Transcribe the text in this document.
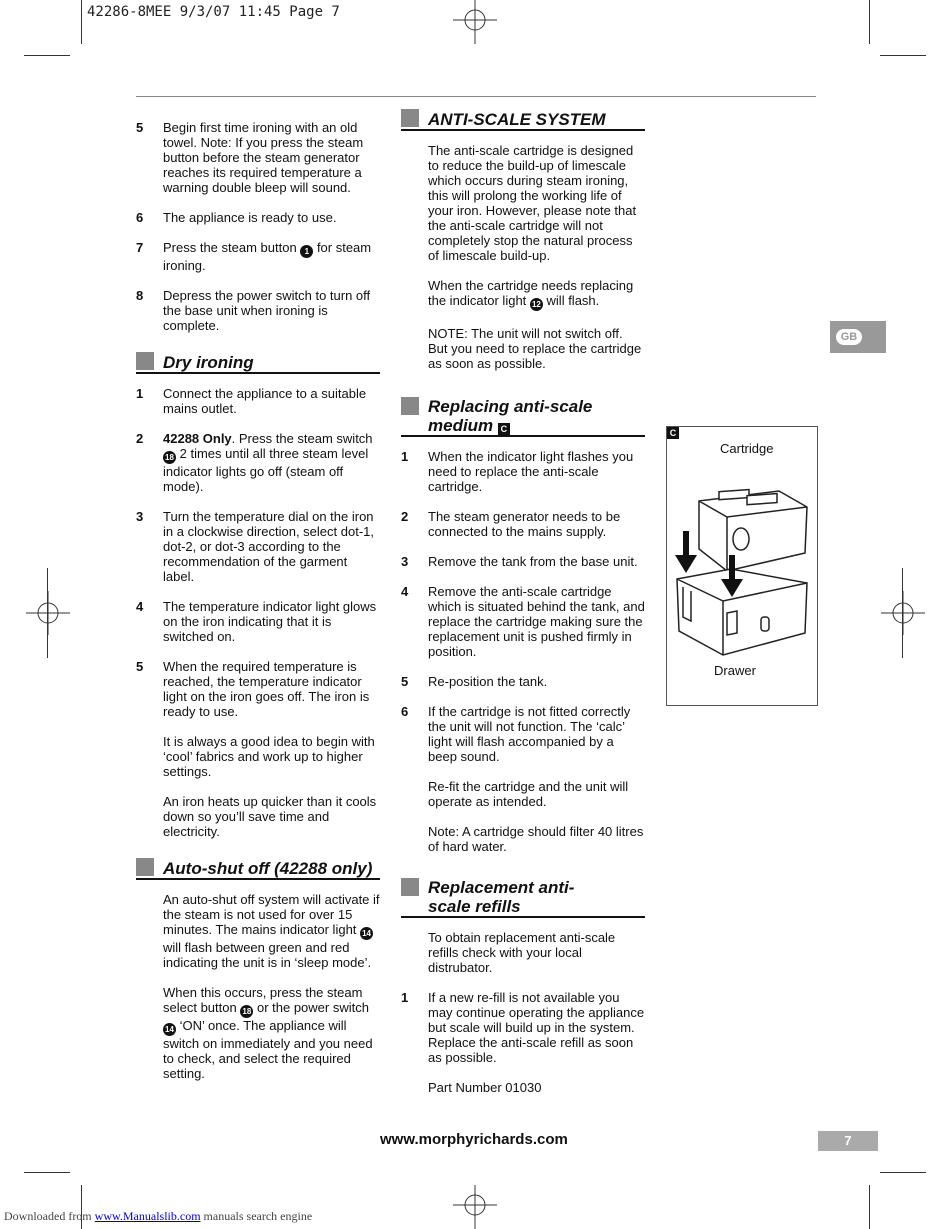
42286-8MEE 9/3/07 11:45 Page 7
5 Begin first time ironing with an old towel. Note: If you press the steam button before the steam generator reaches its required temperature a warning double bleep will sound.
6 The appliance is ready to use.
7 Press the steam button 1 for steam ironing.
8 Depress the power switch to turn off the base unit when ironing is complete.
Dry ironing
1 Connect the appliance to a suitable mains outlet.
2 42288 Only. Press the steam switch 18 2 times until all three steam level indicator lights go off (steam off mode).
3 Turn the temperature dial on the iron in a clockwise direction, select dot-1, dot-2, or dot-3 according to the recommendation of the garment label.
4 The temperature indicator light glows on the iron indicating that it is switched on.
5 When the required temperature is reached, the temperature indicator light on the iron goes off. The iron is ready to use.
It is always a good idea to begin with ‘cool’ fabrics and work up to higher settings.
An iron heats up quicker than it cools down so you’ll save time and electricity.
Auto-shut off (42288 only)
An auto-shut off system will activate if the steam is not used for over 15 minutes. The mains indicator light 14 will flash between green and red indicating the unit is in ‘sleep mode’.
When this occurs, press the steam select button 18 or the power switch 14 ‘ON’ once. The appliance will switch on immediately and you need to check, and select the required setting.
ANTI-SCALE SYSTEM
The anti-scale cartridge is designed to reduce the build-up of limescale which occurs during steam ironing, this will prolong the working life of your iron. However, please note that the anti-scale cartridge will not completely stop the natural process of limescale build-up.
When the cartridge needs replacing the indicator light 12 will flash.
NOTE: The unit will not switch off. But you need to replace the cartridge as soon as possible.
Replacing anti-scale
medium C
1 When the indicator light flashes you need to replace the anti-scale cartridge.
2 The steam generator needs to be connected to the mains supply.
3 Remove the tank from the base unit.
4 Remove the anti-scale cartridge which is situated behind the tank, and replace the cartridge making sure the replacement unit is pushed firmly in position.
5 Re-position the tank.
6 If the cartridge is not fitted correctly the unit will not function. The ‘calc’ light will flash accompanied by a beep sound.
Re-fit the cartridge and the unit will operate as intended.
Note: A cartridge should filter 40 litres of hard water.
Replacement anti-
scale refills
To obtain replacement anti-scale refills check with your local distrubator.
1 If a new re-fill is not available you may continue operating the appliance but scale will build up in the system. Replace the anti-scale refill as soon as possible.
Part Number 01030
GB
C
Cartridge
Drawer
www.morphyrichards.com	7
Downloaded from www.Manualslib.com manuals search engine
